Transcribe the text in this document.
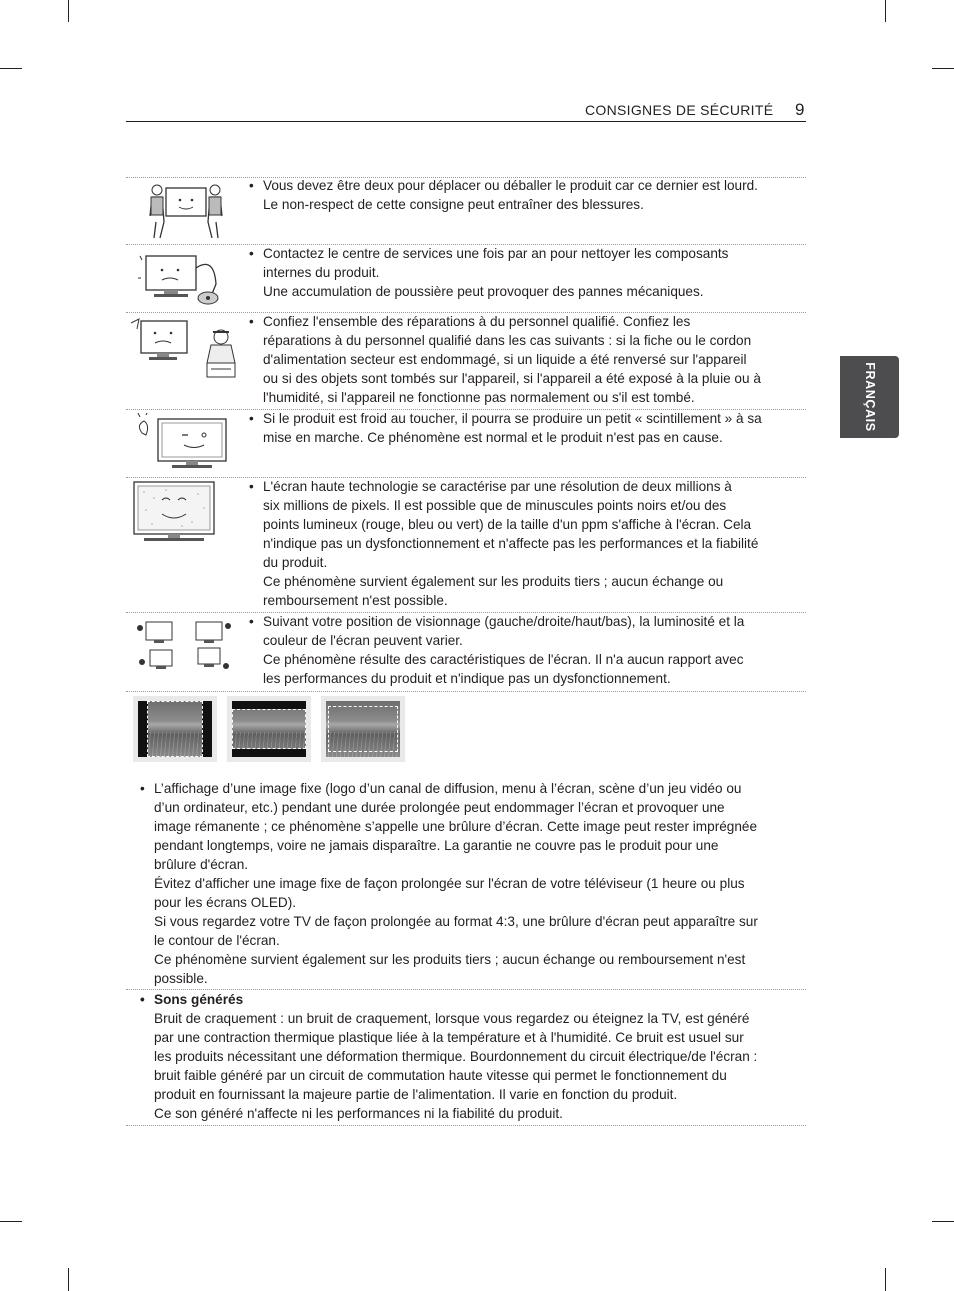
CONSIGNES DE SÉCURITÉ 9
FRANÇAIS
• Vous devez être deux pour déplacer ou déballer le produit car ce dernier est lourd.

Le non-respect de cette consigne peut entraîner des blessures.

• Contactez le centre de services une fois par an pour nettoyer les composants

internes du produit.

Une accumulation de poussière peut provoquer des pannes mécaniques.

• Confiez l'ensemble des réparations à du personnel qualifié. Confiez les

réparations à du personnel qualifié dans les cas suivants : si la fiche ou le cordon

d'alimentation secteur est endommagé, si un liquide a été renversé sur l'appareil

ou si des objets sont tombés sur l'appareil, si l'appareil a été exposé à la pluie ou à

l'humidité, si l'appareil ne fonctionne pas normalement ou s'il est tombé.

• Si le produit est froid au toucher, il pourra se produire un petit « scintillement » à sa

mise en marche. Ce phénomène est normal et le produit n'est pas en cause.

• L'écran haute technologie se caractérise par une résolution de deux millions à

six millions de pixels. Il est possible que de minuscules points noirs et/ou des

points lumineux (rouge, bleu ou vert) de la taille d'un ppm s'affiche à l'écran. Cela

n'indique pas un dysfonctionnement et n'affecte pas les performances et la fiabilité

du produit.

Ce phénomène survient également sur les produits tiers ; aucun échange ou

remboursement n'est possible.

• Suivant votre position de visionnage (gauche/droite/haut/bas), la luminosité et la

couleur de l'écran peuvent varier.

Ce phénomène résulte des caractéristiques de l'écran. Il n'a aucun rapport avec

les performances du produit et n'indique pas un dysfonctionnement.

• L’affichage d’une image fixe (logo d’un canal de diffusion, menu à l’écran, scène d’un jeu vidéo ou

d’un ordinateur, etc.) pendant une durée prolongée peut endommager l’écran et provoquer une

image rémanente ; ce phénomène s’appelle une brûlure d’écran. Cette image peut rester imprégnée

pendant longtemps, voire ne jamais disparaître. La garantie ne couvre pas le produit pour une

brûlure d'écran.

Évitez d'afficher une image fixe de façon prolongée sur l'écran de votre téléviseur (1 heure ou plus

pour les écrans OLED).

Si vous regardez votre TV de façon prolongée au format 4:3, une brûlure d'écran peut apparaître sur

le contour de l'écran.

Ce phénomène survient également sur les produits tiers ; aucun échange ou remboursement n'est

possible.

• Sons générés

Bruit de craquement : un bruit de craquement, lorsque vous regardez ou éteignez la TV, est généré

par une contraction thermique plastique liée à la température et à l'humidité. Ce bruit est usuel sur

les produits nécessitant une déformation thermique. Bourdonnement du circuit électrique/de l'écran :

bruit faible généré par un circuit de commutation haute vitesse qui permet le fonctionnement du

produit en fournissant la majeure partie de l'alimentation. Il varie en fonction du produit.

Ce son généré n'affecte ni les performances ni la fiabilité du produit.
